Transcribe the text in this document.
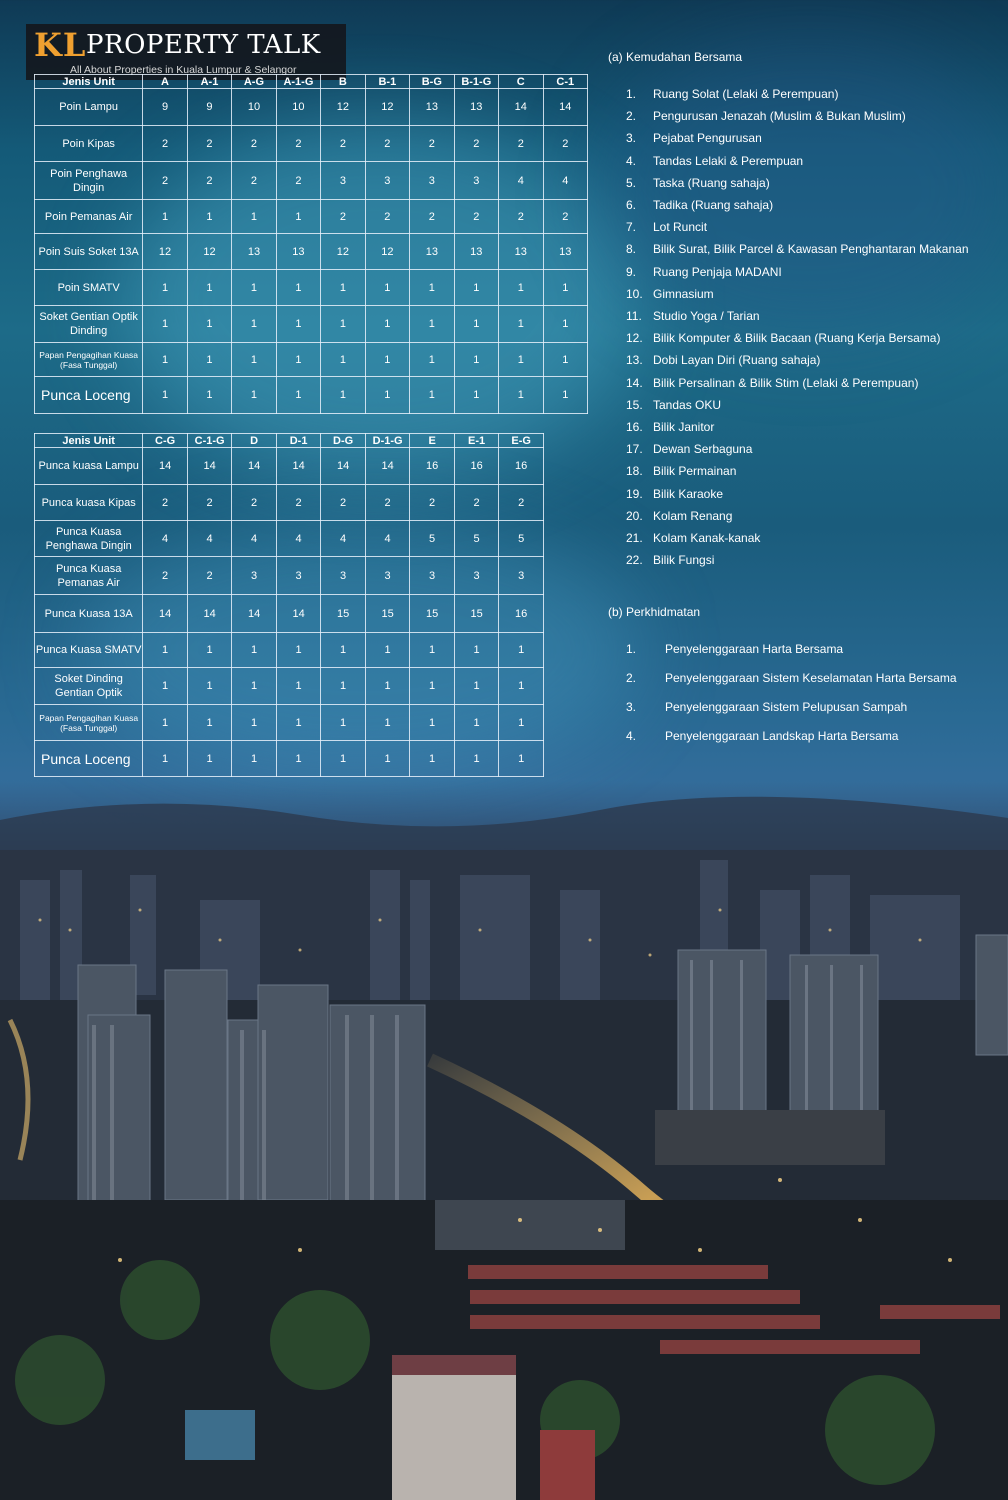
KL PROPERTY TALK
All About Properties in Kuala Lumpur & Selangor
Jenis Unit	A	A-1	A-G	A-1-G	B	B-1	B-G	B-1-G	C	C-1
Poin Lampu	9	9	10	10	12	12	13	13	14	14
Poin Kipas	2	2	2	2	2	2	2	2	2	2
Poin Penghawa Dingin	2	2	2	2	3	3	3	3	4	4
Poin Pemanas Air	1	1	1	1	2	2	2	2	2	2
Poin Suis Soket 13A	12	12	13	13	12	12	13	13	13	13
Poin SMATV	1	1	1	1	1	1	1	1	1	1
Soket Gentian Optik Dinding	1	1	1	1	1	1	1	1	1	1
Papan Pengagihan Kuasa (Fasa Tunggal)	1	1	1	1	1	1	1	1	1	1
Punca Loceng	1	1	1	1	1	1	1	1	1	1
Jenis Unit	C-G	C-1-G	D	D-1	D-G	D-1-G	E	E-1	E-G
Punca kuasa Lampu	14	14	14	14	14	14	16	16	16
Punca kuasa Kipas	2	2	2	2	2	2	2	2	2
Punca Kuasa Penghawa Dingin	4	4	4	4	4	4	5	5	5
Punca Kuasa Pemanas Air	2	2	3	3	3	3	3	3	3
Punca Kuasa 13A	14	14	14	14	15	15	15	15	16
Punca Kuasa SMATV	1	1	1	1	1	1	1	1	1
Soket Dinding Gentian Optik	1	1	1	1	1	1	1	1	1
Papan Pengagihan Kuasa (Fasa Tunggal)	1	1	1	1	1	1	1	1	1
Punca Loceng	1	1	1	1	1	1	1	1	1
(a) Kemudahan Bersama
1. Ruang Solat (Lelaki & Perempuan)
2. Pengurusan Jenazah (Muslim & Bukan Muslim)
3. Pejabat Pengurusan
4. Tandas Lelaki & Perempuan
5. Taska (Ruang sahaja)
6. Tadika (Ruang sahaja)
7. Lot Runcit
8. Bilik Surat, Bilik Parcel & Kawasan Penghantaran Makanan
9. Ruang Penjaja MADANI
10. Gimnasium
11. Studio Yoga / Tarian
12. Bilik Komputer & Bilik Bacaan (Ruang Kerja Bersama)
13. Dobi Layan Diri (Ruang sahaja)
14. Bilik Persalinan & Bilik Stim (Lelaki & Perempuan)
15. Tandas OKU
16. Bilik Janitor
17. Dewan Serbaguna
18. Bilik Permainan
19. Bilik Karaoke
20. Kolam Renang
21. Kolam Kanak-kanak
22. Bilik Fungsi
(b) Perkhidmatan
1. Penyelenggaraan Harta Bersama
2. Penyelenggaraan Sistem Keselamatan Harta Bersama
3. Penyelenggaraan Sistem Pelupusan Sampah
4. Penyelenggaraan Landskap Harta Bersama
